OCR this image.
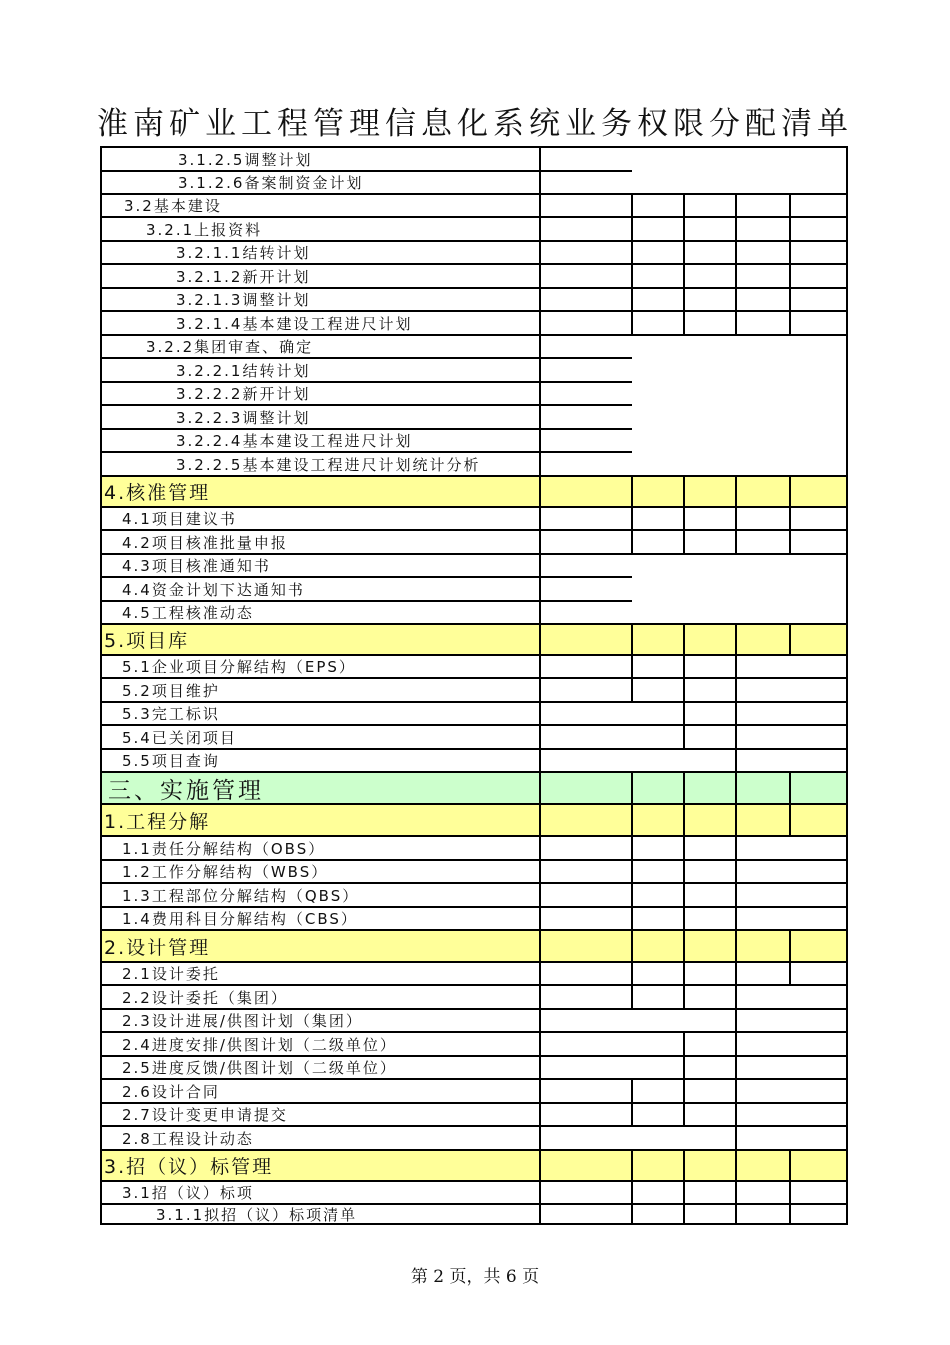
淮南矿业工程管理信息化系统业务权限分配清单
3.1.2.5调整计划
3.1.2.6备案制资金计划
3.2基本建设
3.2.1上报资料
3.2.1.1结转计划
3.2.1.2新开计划
3.2.1.3调整计划
3.2.1.4基本建设工程进尺计划
3.2.2集团审查、确定
3.2.2.1结转计划
3.2.2.2新开计划
3.2.2.3调整计划
3.2.2.4基本建设工程进尺计划
3.2.2.5基本建设工程进尺计划统计分析
4.核准管理
4.1项目建议书
4.2项目核准批量申报
4.3项目核准通知书
4.4资金计划下达通知书
4.5工程核准动态
5.项目库
5.1企业项目分解结构（EPS）
5.2项目维护
5.3完工标识
5.4已关闭项目
5.5项目查询
三、实施管理
1.工程分解
1.1责任分解结构（OBS）
1.2工作分解结构（WBS）
1.3工程部位分解结构（QBS）
1.4费用科目分解结构（CBS）
2.设计管理
2.1设计委托
2.2设计委托（集团）
2.3设计进展/供图计划（集团）
2.4进度安排/供图计划（二级单位）
2.5进度反馈/供图计划（二级单位）
2.6设计合同
2.7设计变更申请提交
2.8工程设计动态
3.招（议）标管理
3.1招（议）标项
3.1.1拟招（议）标项清单
第 2 页，共 6 页
